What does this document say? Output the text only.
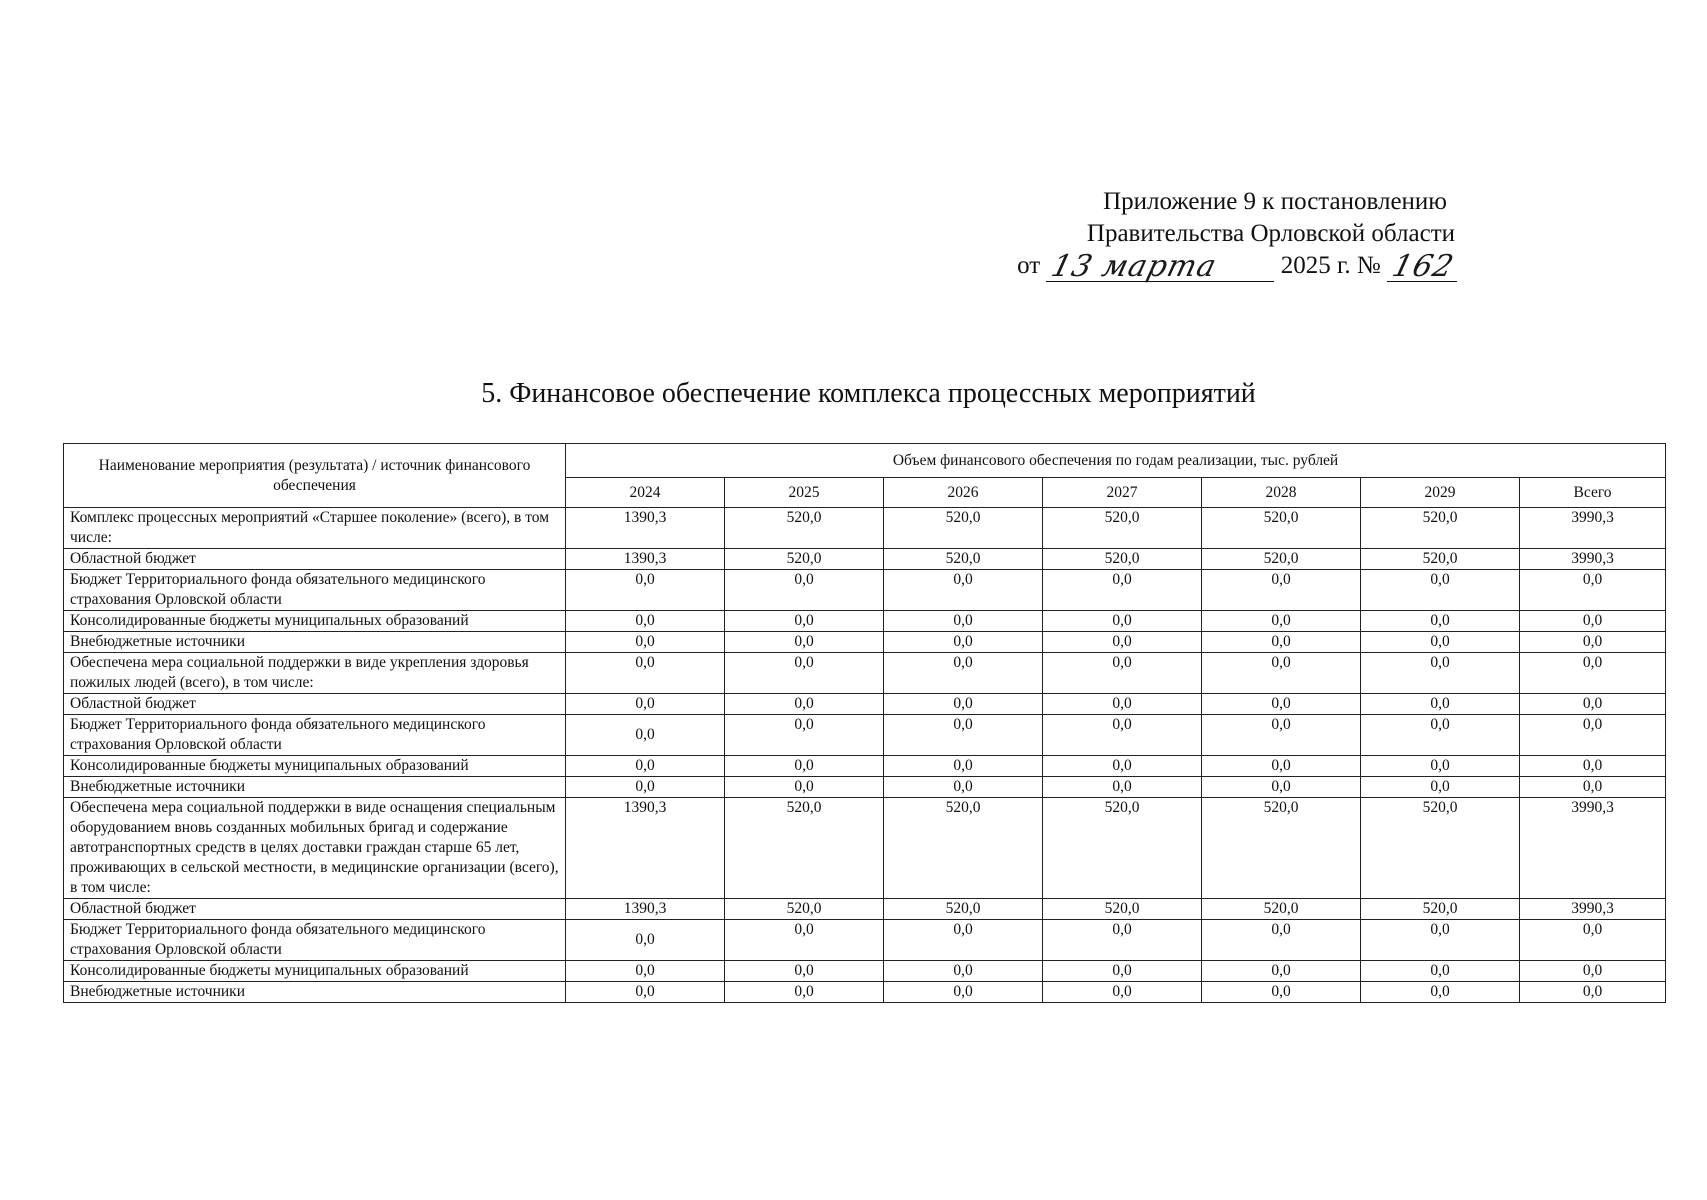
Приложение 9 к постановлению
Правительства Орловской области
от 13 марта 2025 г. № 162
5. Финансовое обеспечение комплекса процессных мероприятий
Наименование мероприятия (результата) / источник финансового обеспечения	Объем финансового обеспечения по годам реализации, тыс. рублей						
	2024	2025	2026	2027	2028	2029	Всего
Комплекс процессных мероприятий «Старшее поколение» (всего), в том числе:	1390,3	520,0	520,0	520,0	520,0	520,0	3990,3
Областной бюджет	1390,3	520,0	520,0	520,0	520,0	520,0	3990,3
Бюджет Территориального фонда обязательного медицинского страхования Орловской области	0,0	0,0	0,0	0,0	0,0	0,0	0,0
Консолидированные бюджеты муниципальных образований	0,0	0,0	0,0	0,0	0,0	0,0	0,0
Внебюджетные источники	0,0	0,0	0,0	0,0	0,0	0,0	0,0
Обеспечена мера социальной поддержки в виде укрепления здоровья пожилых людей (всего), в том числе:	0,0	0,0	0,0	0,0	0,0	0,0	0,0
Областной бюджет	0,0	0,0	0,0	0,0	0,0	0,0	0,0
Бюджет Территориального фонда обязательного медицинского страхования Орловской области	0,0	0,0	0,0	0,0	0,0	0,0	0,0
Консолидированные бюджеты муниципальных образований	0,0	0,0	0,0	0,0	0,0	0,0	0,0
Внебюджетные источники	0,0	0,0	0,0	0,0	0,0	0,0	0,0
Обеспечена мера социальной поддержки в виде оснащения специальным оборудованием вновь созданных мобильных бригад и содержание автотранспортных средств в целях доставки граждан старше 65 лет, проживающих в сельской местности, в медицинские организации (всего), в том числе:	1390,3	520,0	520,0	520,0	520,0	520,0	3990,3
Областной бюджет	1390,3	520,0	520,0	520,0	520,0	520,0	3990,3
Бюджет Территориального фонда обязательного медицинского страхования Орловской области	0,0	0,0	0,0	0,0	0,0	0,0	0,0
Консолидированные бюджеты муниципальных образований	0,0	0,0	0,0	0,0	0,0	0,0	0,0
Внебюджетные источники	0,0	0,0	0,0	0,0	0,0	0,0	0,0
